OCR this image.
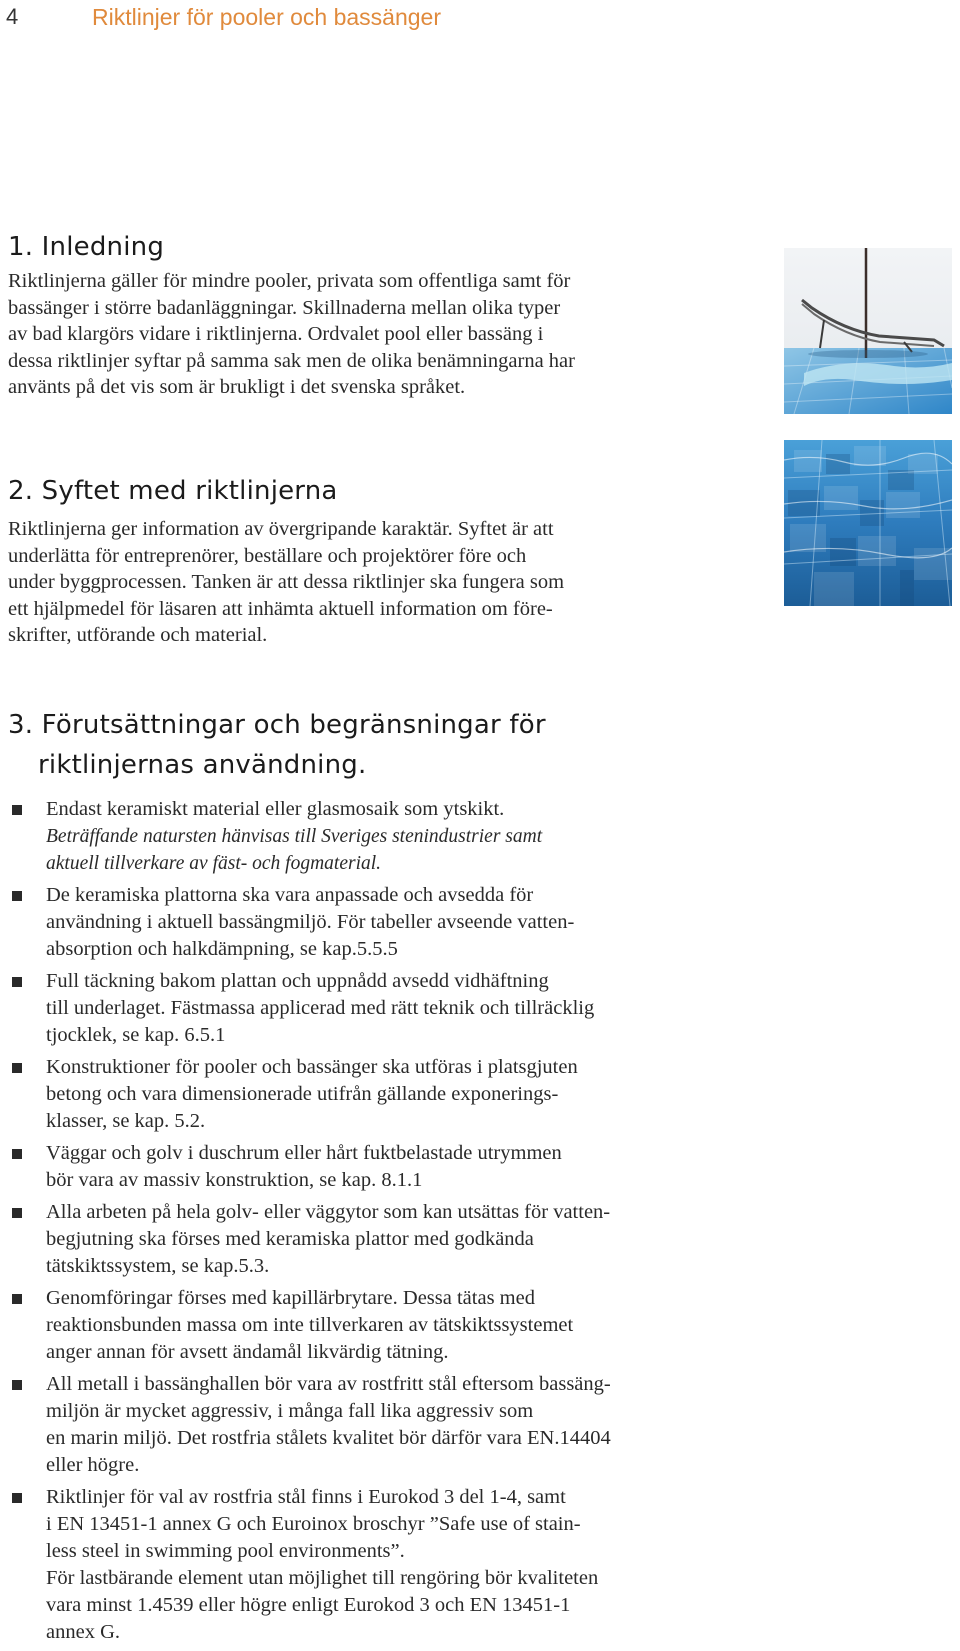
4	Riktlinjer för pooler och bassänger
1. Inledning
Riktlinjerna gäller för mindre pooler, privata som offentliga samt för
bassänger i större badanläggningar. Skillnaderna mellan olika typer
av bad klargörs vidare i riktlinjerna. Ordvalet pool eller bassäng i
dessa riktlinjer syftar på samma sak men de olika benämningarna har
använts på det vis som är brukligt i det svenska språket.
2. Syftet med riktlinjerna
Riktlinjerna ger information av övergripande karaktär. Syftet är att
underlätta för entreprenörer, beställare och projektörer före och
under byggprocessen. Tanken är att dessa riktlinjer ska fungera som
ett hjälpmedel för läsaren att inhämta aktuell information om före-
skrifter, utförande och material.
3. Förutsättningar och begränsningar för
riktlinjernas användning.
Endast keramiskt material eller glasmosaik som ytskikt.
Beträffande natursten hänvisas till Sveriges stenindustrier samt
aktuell tillverkare av fäst- och fogmaterial.
De keramiska plattorna ska vara anpassade och avsedda för
användning i aktuell bassängmiljö. För tabeller avseende vatten-
absorption och halkdämpning, se kap.5.5.5
Full täckning bakom plattan och uppnådd avsedd vidhäftning
till underlaget. Fästmassa applicerad med rätt teknik och tillräcklig
tjocklek, se kap. 6.5.1
Konstruktioner för pooler och bassänger ska utföras i platsgjuten
betong och vara dimensionerade utifrån gällande exponerings-
klasser, se kap. 5.2.
Väggar och golv i duschrum eller hårt fuktbelastade utrymmen
bör vara av massiv konstruktion, se kap. 8.1.1
Alla arbeten på hela golv- eller väggytor som kan utsättas för vatten-
begjutning ska förses med keramiska plattor med godkända
tätskiktssystem, se kap.5.3.
Genomföringar förses med kapillärbrytare. Dessa tätas med
reaktionsbunden massa om inte tillverkaren av tätskiktssystemet
anger annan för avsett ändamål likvärdig tätning.
All metall i bassänghallen bör vara av rostfritt stål eftersom bassäng-
miljön är mycket aggressiv, i många fall lika aggressiv som
en marin miljö. Det rostfria stålets kvalitet bör därför vara EN.14404
eller högre.
Riktlinjer för val av rostfria stål finns i Eurokod 3 del 1-4, samt
i EN 13451-1 annex G och Euroinox broschyr ”Safe use of stain-
less steel in swimming pool environments”.
För lastbärande element utan möjlighet till rengöring bör kvaliteten
vara minst 1.4539 eller högre enligt Eurokod 3 och EN 13451-1
annex G.
